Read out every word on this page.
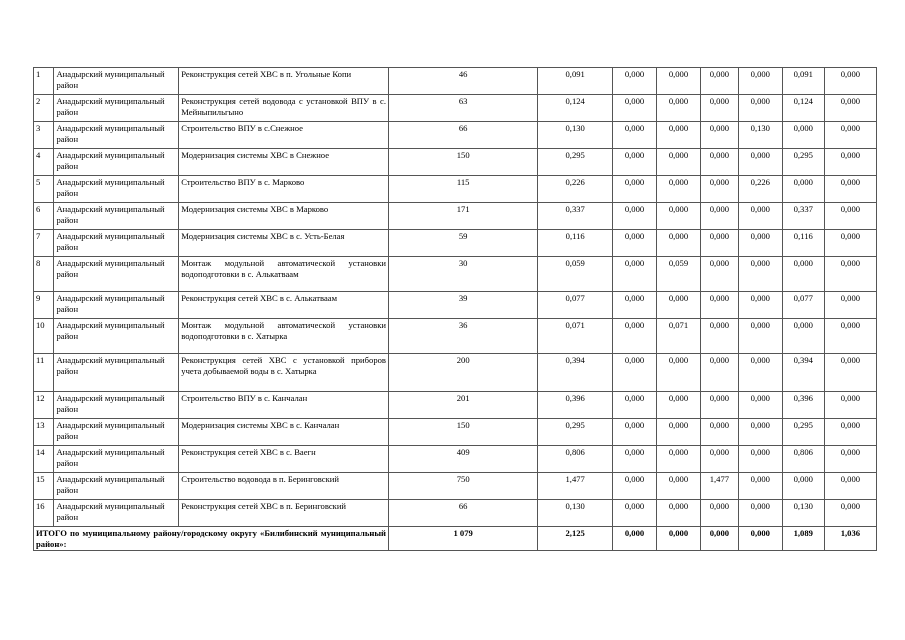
1	Анадырский муниципальный район	Реконструкция сетей ХВС в п. Угольные Копи	46	0,091	0,000	0,000	0,000	0,000	0,091	0,000
2	Анадырский муниципальный район	Реконструкция сетей водовода с установкой ВПУ в с. Мейныпильгыно	63	0,124	0,000	0,000	0,000	0,000	0,124	0,000
3	Анадырский муниципальный район	Строительство ВПУ в с.Снежное	66	0,130	0,000	0,000	0,000	0,130	0,000	0,000
4	Анадырский муниципальный район	Модернизация системы ХВС в Снежное	150	0,295	0,000	0,000	0,000	0,000	0,295	0,000
5	Анадырский муниципальный район	Строительство ВПУ в с. Марково	115	0,226	0,000	0,000	0,000	0,226	0,000	0,000
6	Анадырский муниципальный район	Модернизация системы ХВС в Марково	171	0,337	0,000	0,000	0,000	0,000	0,337	0,000
7	Анадырский муниципальный район	Модернизация системы ХВС в с. Усть-Белая	59	0,116	0,000	0,000	0,000	0,000	0,116	0,000
8	Анадырский муниципальный район	Монтаж модульной автоматической установки водоподготовки в с. Алькатваам	30	0,059	0,000	0,059	0,000	0,000	0,000	0,000
9	Анадырский муниципальный район	Реконструкция сетей ХВС в с. Алькатваам	39	0,077	0,000	0,000	0,000	0,000	0,077	0,000
10	Анадырский муниципальный район	Монтаж модульной автоматической установки водоподготовки в с. Хатырка	36	0,071	0,000	0,071	0,000	0,000	0,000	0,000
11	Анадырский муниципальный район	Реконструкция сетей ХВС с установкой приборов учета добываемой воды в с. Хатырка	200	0,394	0,000	0,000	0,000	0,000	0,394	0,000
12	Анадырский муниципальный район	Строительство ВПУ в с. Канчалан	201	0,396	0,000	0,000	0,000	0,000	0,396	0,000
13	Анадырский муниципальный район	Модернизация системы ХВС в с. Канчалан	150	0,295	0,000	0,000	0,000	0,000	0,295	0,000
14	Анадырский муниципальный район	Реконструкция сетей ХВС в с. Ваегн	409	0,806	0,000	0,000	0,000	0,000	0,806	0,000
15	Анадырский муниципальный район	Строительство водовода в п. Беринговский	750	1,477	0,000	0,000	1,477	0,000	0,000	0,000
16	Анадырский муниципальный район	Реконструкция сетей ХВС в п. Беринговский	66	0,130	0,000	0,000	0,000	0,000	0,130	0,000
ИТОГО по муниципальному району/городскому округу «Билибинский муниципальный район»:			1 079	2,125	0,000	0,000	0,000	0,000	1,089	1,036
